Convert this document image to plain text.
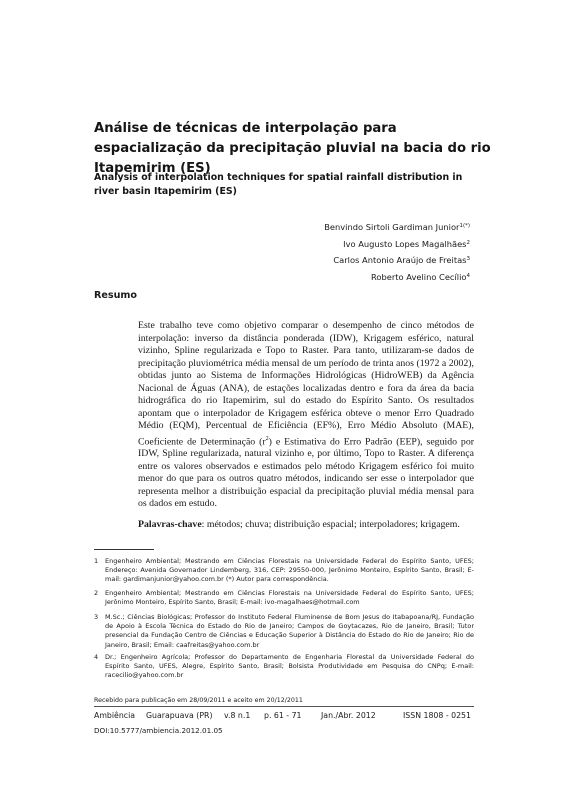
Análise de técnicas de interpolação para espacialização da precipitação pluvial na bacia do rio Itapemirim (ES)
Analysis of interpolation techniques for spatial rainfall distribution in river basin Itapemirim (ES)
Benvindo Sirtoli Gardiman Junior$^{1(*)}$
Ivo Augusto Lopes Magalhães$^2$
Carlos Antonio Araújo de Freitas$^3$
Roberto Avelino Cecílio$^4$
Resumo
Este trabalho teve como objetivo comparar o desempenho de cinco métodos de interpolação: inverso da distância ponderada (IDW), Krigagem esférico, natural vizinho, Spline regularizada e Topo to Raster. Para tanto, utilizaram-se dados de precipitação pluviométrica média mensal de um período de trinta anos (1972 a 2002), obtidas junto ao Sistema de Informações Hidrológicas (HidroWEB) da Agência Nacional de Águas (ANA), de estações localizadas dentro e fora da área da bacia hidrográfica do rio Itapemirim, sul do estado do Espírito Santo. Os resultados apontam que o interpolador de Krigagem esférica obteve o menor Erro Quadrado Médio (EQM), Percentual de Eficiência (EF%), Erro Médio Absoluto (MAE), Coeficiente de Determinação $(r^2)$ e Estimativa do Erro Padrão (EEP), seguido por IDW, Spline regularizada, natural vizinho e, por último, Topo to Raster. A diferença entre os valores observados e estimados pelo método Krigagem esférico foi muito menor do que para os outros quatro métodos, indicando ser esse o interpolador que representa melhor a distribuição espacial da precipitação pluvial média mensal para os dados em estudo.
Palavras-chave: métodos; chuva; distribuição espacial; interpoladores; krigagem.
1 Engenheiro Ambiental; Mestrando em Ciências Florestais na Universidade Federal do Espírito Santo, UFES; Endereço: Avenida Governador Lindemberg, 316, CEP: 29550-000, Jerônimo Monteiro, Espírito Santo, Brasil; E-mail: gardimanjunior@yahoo.com.br (*) Autor para correspondência.
2 Engenheiro Ambiental; Mestrando em Ciências Florestais na Universidade Federal do Espírito Santo, UFES; Jerônimo Monteiro, Espírito Santo, Brasil; E-mail: ivo-magalhaes@hotmail.com
3 M.Sc.; Ciências Biológicas; Professor do Instituto Federal Fluminense de Bom Jesus do Itabapoana/RJ, Fundação de Apoio à Escola Técnica do Estado do Rio de Janeiro; Campos de Goytacazes, Rio de Janeiro, Brasil; Tutor presencial da Fundação Centro de Ciências e Educação Superior à Distância do Estado do Rio de Janeiro; Rio de Janeiro, Brasil; Email: caafreitas@yahoo.com.br
4 Dr.; Engenheiro Agrícola; Professor do Departamento de Engenharia Florestal da Universidade Federal do Espírito Santo, UFES, Alegre, Espírito Santo, Brasil; Bolsista Produtividade em Pesquisa do CNPq; E-mail: racecilio@yahoo.com.br
Recebido para publicação em 28/09/2011 e aceito em 20/12/2011
Ambiência Guarapuava (PR) v.8 n.1 p. 61 - 71 Jan./Abr. 2012	ISSN 1808 - 0251
DOI:10.5777/ambiencia.2012.01.05
